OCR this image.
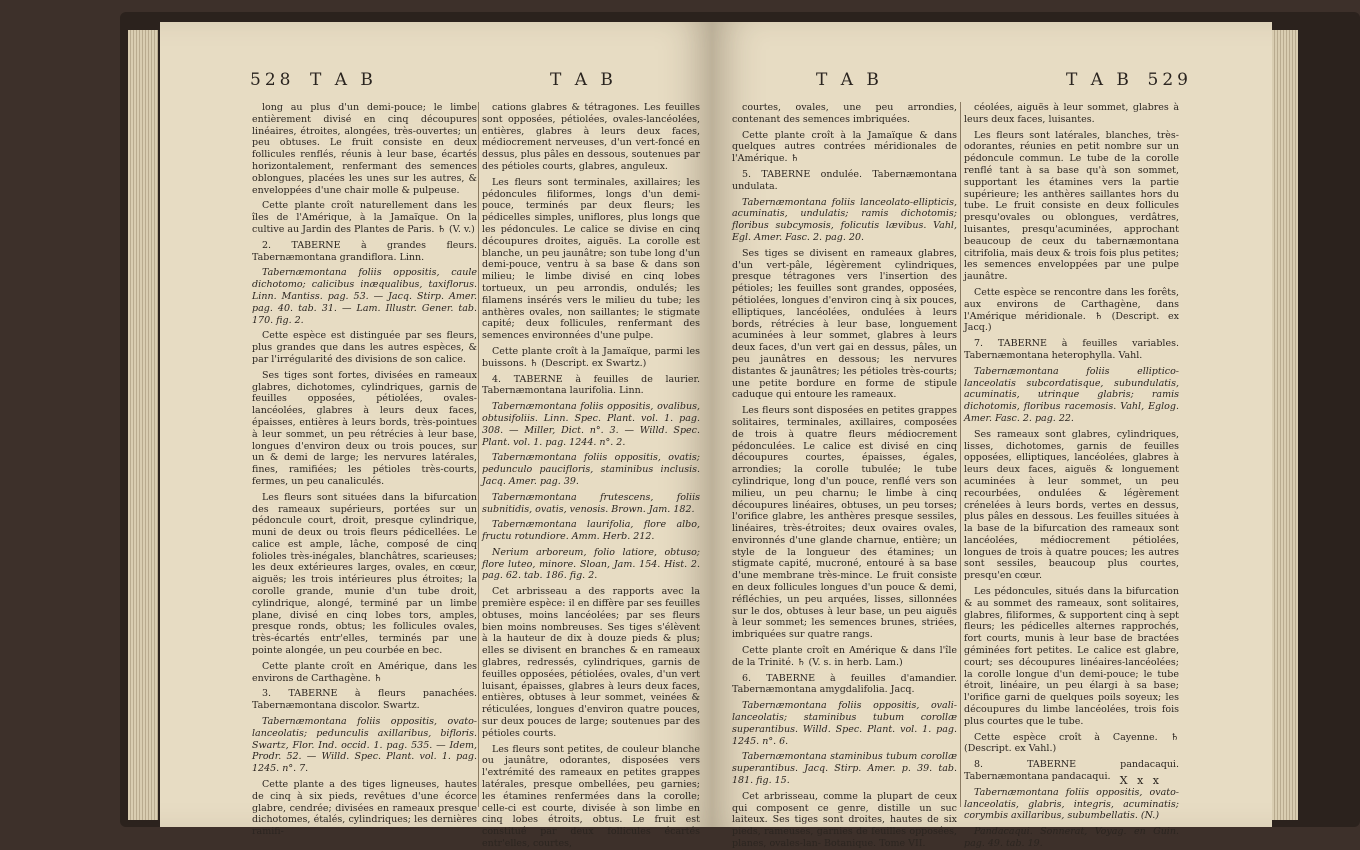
528 T A B	T A B

long au plus d'un demi-pouce; le limbe entièrement divisé en cinq découpures linéaires, étroites, alongées, très-ouvertes; un peu obtuses. Le fruit consiste en deux follicules renflés, réunis à leur base, écartés horizontalement, renfermant des semences oblongues, placées les unes sur les autres, & enveloppées d'une chair molle & pulpeuse.

Cette plante croît naturellement dans les îles de l'Amérique, à la Jamaïque. On la cultive au Jardin des Plantes de Paris. ♄ (V. v.)

2. TABERNE à grandes fleurs. Tabernæmontana grandiflora. Linn.

Tabernæmontana foliis oppositis, caule dichotomo; calicibus inæqualibus, taxiflorus. Linn. Mantiss. pag. 53. — Jacq. Stirp. Amer. pag. 40. tab. 31. — Lam. Illustr. Gener. tab. 170. fig. 2.

Cette espèce est distinguée par ses fleurs, plus grandes que dans les autres espèces, & par l'irrégularité des divisions de son calice.

Ses tiges sont fortes, divisées en rameaux glabres, dichotomes, cylindriques, garnis de feuilles opposées, pétiolées, ovales-lancéolées, glabres à leurs deux faces, épaisses, entières à leurs bords, très-pointues à leur sommet, un peu rétrécies à leur base, longues d'environ deux ou trois pouces, sur un & demi de large; les nervures latérales, fines, ramifiées; les pétioles très-courts, fermes, un peu canaliculés.

Les fleurs sont situées dans la bifurcation des rameaux supérieurs, portées sur un pédoncule court, droit, presque cylindrique, muni de deux ou trois fleurs pédicellées. Le calice est ample, lâche, composé de cinq folioles très-inégales, blanchâtres, scarieuses; les deux extérieures larges, ovales, en cœur, aiguës; les trois intérieures plus étroites; la corolle grande, munie d'un tube droit, cylindrique, alongé, terminé par un limbe plane, divisé en cinq lobes tors, amples, presque ronds, obtus; les follicules ovales, très-écartés entr'elles, terminés par une pointe alongée, un peu courbée en bec.

Cette plante croît en Amérique, dans les environs de Carthagène. ♄

3. TABERNE à fleurs panachées. Tabernæmontana discolor. Swartz.

Tabernæmontana foliis oppositis, ovato-lanceolatis; pedunculis axillaribus, bifloris. Swartz, Flor. Ind. occid. 1. pag. 535. — Idem, Prodr. 52. — Willd. Spec. Plant. vol. 1. pag. 1245. n°. 7.

Cette plante a des tiges ligneuses, hautes de cinq à six pieds, revêtues d'une écorce glabre, cendrée; divisées en rameaux presque dichotomes, étalés, cylindriques; les dernières ramifi-

cations glabres & tétragones. Les feuilles sont opposées, pétiolées, ovales-lancéolées, entières, glabres à leurs deux faces, médiocrement nerveuses, d'un vert-foncé en dessus, plus pâles en dessous, soutenues par des pétioles courts, glabres, anguleux.

Les fleurs sont terminales, axillaires; les pédoncules filiformes, longs d'un demi-pouce, terminés par deux fleurs; les pédicelles simples, uniflores, plus longs que les pédoncules. Le calice se divise en cinq découpures droites, aiguës. La corolle est blanche, un peu jaunâtre; son tube long d'un demi-pouce, ventru à sa base & dans son milieu; le limbe divisé en cinq lobes tortueux, un peu arrondis, ondulés; les filamens insérés vers le milieu du tube; les anthères ovales, non saillantes; le stigmate capité; deux follicules, renfermant des semences environnées d'une pulpe.

Cette plante croît à la Jamaïque, parmi les buissons. ♄ (Descript. ex Swartz.)

4. TABERNE à feuilles de laurier. Tabernæmontana laurifolia. Linn.

Tabernæmontana foliis oppositis, ovalibus, obtusifoliis. Linn. Spec. Plant. vol. 1. pag. 308. — Miller, Dict. n°. 3. — Willd. Spec. Plant. vol. 1. pag. 1244. n°. 2.

Tabernæmontana foliis oppositis, ovatis; pedunculo paucifloris, staminibus inclusis. Jacq. Amer. pag. 39.

Tabernæmontana frutescens, foliis subnitidis, ovatis, venosis. Brown. Jam. 182.

Tabernæmontana laurifolia, flore albo, fructu rotundiore. Amm. Herb. 212.

Nerium arboreum, folio latiore, obtuso; flore luteo, minore. Sloan, Jam. 154. Hist. 2. pag. 62. tab. 186. fig. 2.

Cet arbrisseau a des rapports avec la première espèce: il en diffère par ses feuilles obtuses, moins lancéolées; par ses fleurs bien moins nombreuses. Ses tiges s'élèvent à la hauteur de dix à douze pieds & plus; elles se divisent en branches & en rameaux glabres, redressés, cylindriques, garnis de feuilles opposées, pétiolées, ovales, d'un vert luisant, épaisses, glabres à leurs deux faces, entières, obtuses à leur sommet, veinées & réticulées, longues d'environ quatre pouces, sur deux pouces de large; soutenues par des pétioles courts.

Les fleurs sont petites, de couleur blanche ou jaunâtre, odorantes, disposées vers l'extrémité des rameaux en petites grappes latérales, presque ombellées, peu garnies; les étamines renfermées dans la corolle; celle-ci est courte, divisée à son limbe en cinq lobes étroits, obtus. Le fruit est constitué par deux follicules écartés entr'elles, courtes,

T A B	T A B 529

courtes, ovales, une peu arrondies, contenant des semences imbriquées.

Cette plante croît à la Jamaïque & dans quelques autres contrées méridionales de l'Amérique. ♄

5. TABERNE ondulée. Tabernæmontana undulata.

Tabernæmontana foliis lanceolato-ellipticis, acuminatis, undulatis; ramis dichotomis; floribus subcymosis, folicutis lævibus. Vahl, Egl. Amer. Fasc. 2. pag. 20.

Ses tiges se divisent en rameaux glabres, d'un vert-pâle, légèrement cylindriques, presque tétragones vers l'insertion des pétioles; les feuilles sont grandes, opposées, pétiolées, longues d'environ cinq à six pouces, elliptiques, lancéolées, ondulées à leurs bords, rétrécies à leur base, longuement acuminées à leur sommet, glabres à leurs deux faces, d'un vert gai en dessus, pâles, un peu jaunâtres en dessous; les nervures distantes & jaunâtres; les pétioles très-courts; une petite bordure en forme de stipule caduque qui entoure les rameaux.

Les fleurs sont disposées en petites grappes solitaires, terminales, axillaires, composées de trois à quatre fleurs médiocrement pédonculées. Le calice est divisé en cinq découpures courtes, épaisses, égales, arrondies; la corolle tubulée; le tube cylindrique, long d'un pouce, renflé vers son milieu, un peu charnu; le limbe à cinq découpures linéaires, obtuses, un peu torses; l'orifice glabre, les anthères presque sessiles, linéaires, très-étroites; deux ovaires ovales, environnés d'une glande charnue, entière; un style de la longueur des étamines; un stigmate capité, mucroné, entouré à sa base d'une membrane très-mince. Le fruit consiste en deux follicules longues d'un pouce & demi, réfléchies, un peu arquées, lisses, sillonnées sur le dos, obtuses à leur base, un peu aiguës à leur sommet; les semences brunes, striées, imbriquées sur quatre rangs.

Cette plante croît en Amérique & dans l'île de la Trinité. ♄ (V. s. in herb. Lam.)

6. TABERNE à feuilles d'amandier. Tabernæmontana amygdalifolia. Jacq.

Tabernæmontana foliis oppositis, ovali-lanceolatis; staminibus tubum corollæ superantibus. Willd. Spec. Plant. vol. 1. pag. 1245. n°. 6.

Tabernæmontana staminibus tubum corollæ superantibus. Jacq. Stirp. Amer. p. 39. tab. 181. fig. 15.

Cet arbrisseau, comme la plupart de ceux qui composent ce genre, distille un suc laiteux. Ses tiges sont droites, hautes de six pieds, rameuses, garnies de feuilles opposées, planes, ovales-lan- Botanique. Tome VII.

céolées, aiguës à leur sommet, glabres à leurs deux faces, luisantes.

Les fleurs sont latérales, blanches, très-odorantes, réunies en petit nombre sur un pédoncule commun. Le tube de la corolle renflé tant à sa base qu'à son sommet, supportant les étamines vers la partie supérieure; les anthères saillantes hors du tube. Le fruit consiste en deux follicules presqu'ovales ou oblongues, verdâtres, luisantes, presqu'acuminées, approchant beaucoup de ceux du tabernæmontana citrifolia, mais deux & trois fois plus petites; les semences enveloppées par une pulpe jaunâtre.

Cette espèce se rencontre dans les forêts, aux environs de Carthagène, dans l'Amérique méridionale. ♄ (Descript. ex Jacq.)

7. TABERNE à feuilles variables. Tabernæmontana heterophylla. Vahl.

Tabernæmontana foliis elliptico-lanceolatis subcordatisque, subundulatis, acuminatis, utrinque glabris; ramis dichotomis, floribus racemosis. Vahl, Eglog. Amer. Fasc. 2. pag. 22.

Ses rameaux sont glabres, cylindriques, lisses, dichotomes, garnis de feuilles opposées, elliptiques, lancéolées, glabres à leurs deux faces, aiguës & longuement acuminées à leur sommet, un peu recourbées, ondulées & légèrement crénelées à leurs bords, vertes en dessus, plus pâles en dessous. Les feuilles situées à la base de la bifurcation des rameaux sont lancéolées, médiocrement pétiolées, longues de trois à quatre pouces; les autres sont sessiles, beaucoup plus courtes, presqu'en cœur.

Les pédoncules, situés dans la bifurcation & au sommet des rameaux, sont solitaires, glabres, filiformes, & supportent cinq à sept fleurs; les pédicelles alternes rapprochés, fort courts, munis à leur base de bractées géminées fort petites. Le calice est glabre, court; ses découpures linéaires-lancéolées; la corolle longue d'un demi-pouce; le tube étroit, linéaire, un peu élargi à sa base; l'orifice garni de quelques poils soyeux; les découpures du limbe lancéolées, trois fois plus courtes que le tube.

Cette espèce croît à Cayenne. ♄ (Descript. ex Vahl.)

8. TABERNE pandacaqui. Tabernæmontana pandacaqui.

Tabernæmontana foliis oppositis, ovato-lanceolatis, glabris, integris, acuminatis; corymbis axillaribus, subumbellatis. (N.)

Pandacaqui. Sonnerat, Voyag. en Guin. pag. 49. tab. 19.

X x x
